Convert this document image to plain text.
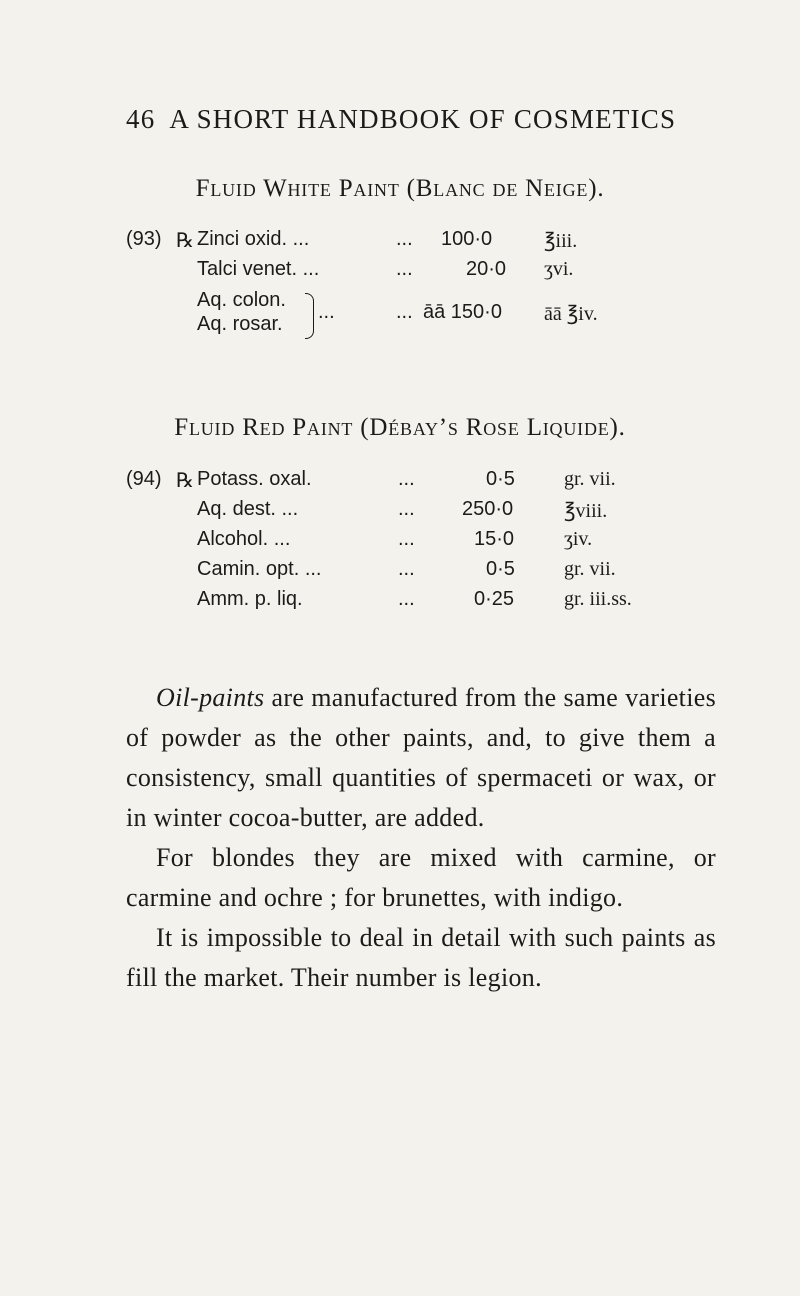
46 A SHORT HANDBOOK OF COSMETICS
Fluid White Paint (Blanc de Neige).
(93) ℞ Zinci oxid. ...	... 100·0	℥iii.
Talci venet. ...	...	20·0 ʒvi.
Aq. colon.
Aq. rosar.
...	... āā 150·0 āā ℥iv.
Fluid Red Paint (Débay’s Rose Liquide).
(94) ℞ Potass. oxal.	...	0·5 gr. vii.
Aq. dest. ...	... 250·0	℥viii.
Alcohol. ...	...	15·0 ʒiv.
Camin. opt. ...	...	0·5 gr. vii.
Amm. p. liq.	...	0·25 gr. iii.ss.

Oil-paints are manufactured from the same varieties of powder as the other paints, and, to give them a consistency, small quantities of spermaceti or wax, or in winter cocoa-butter, are added.

For blondes they are mixed with carmine, or carmine and ochre ; for brunettes, with indigo.

It is impossible to deal in detail with such paints as fill the market. Their number is legion.
